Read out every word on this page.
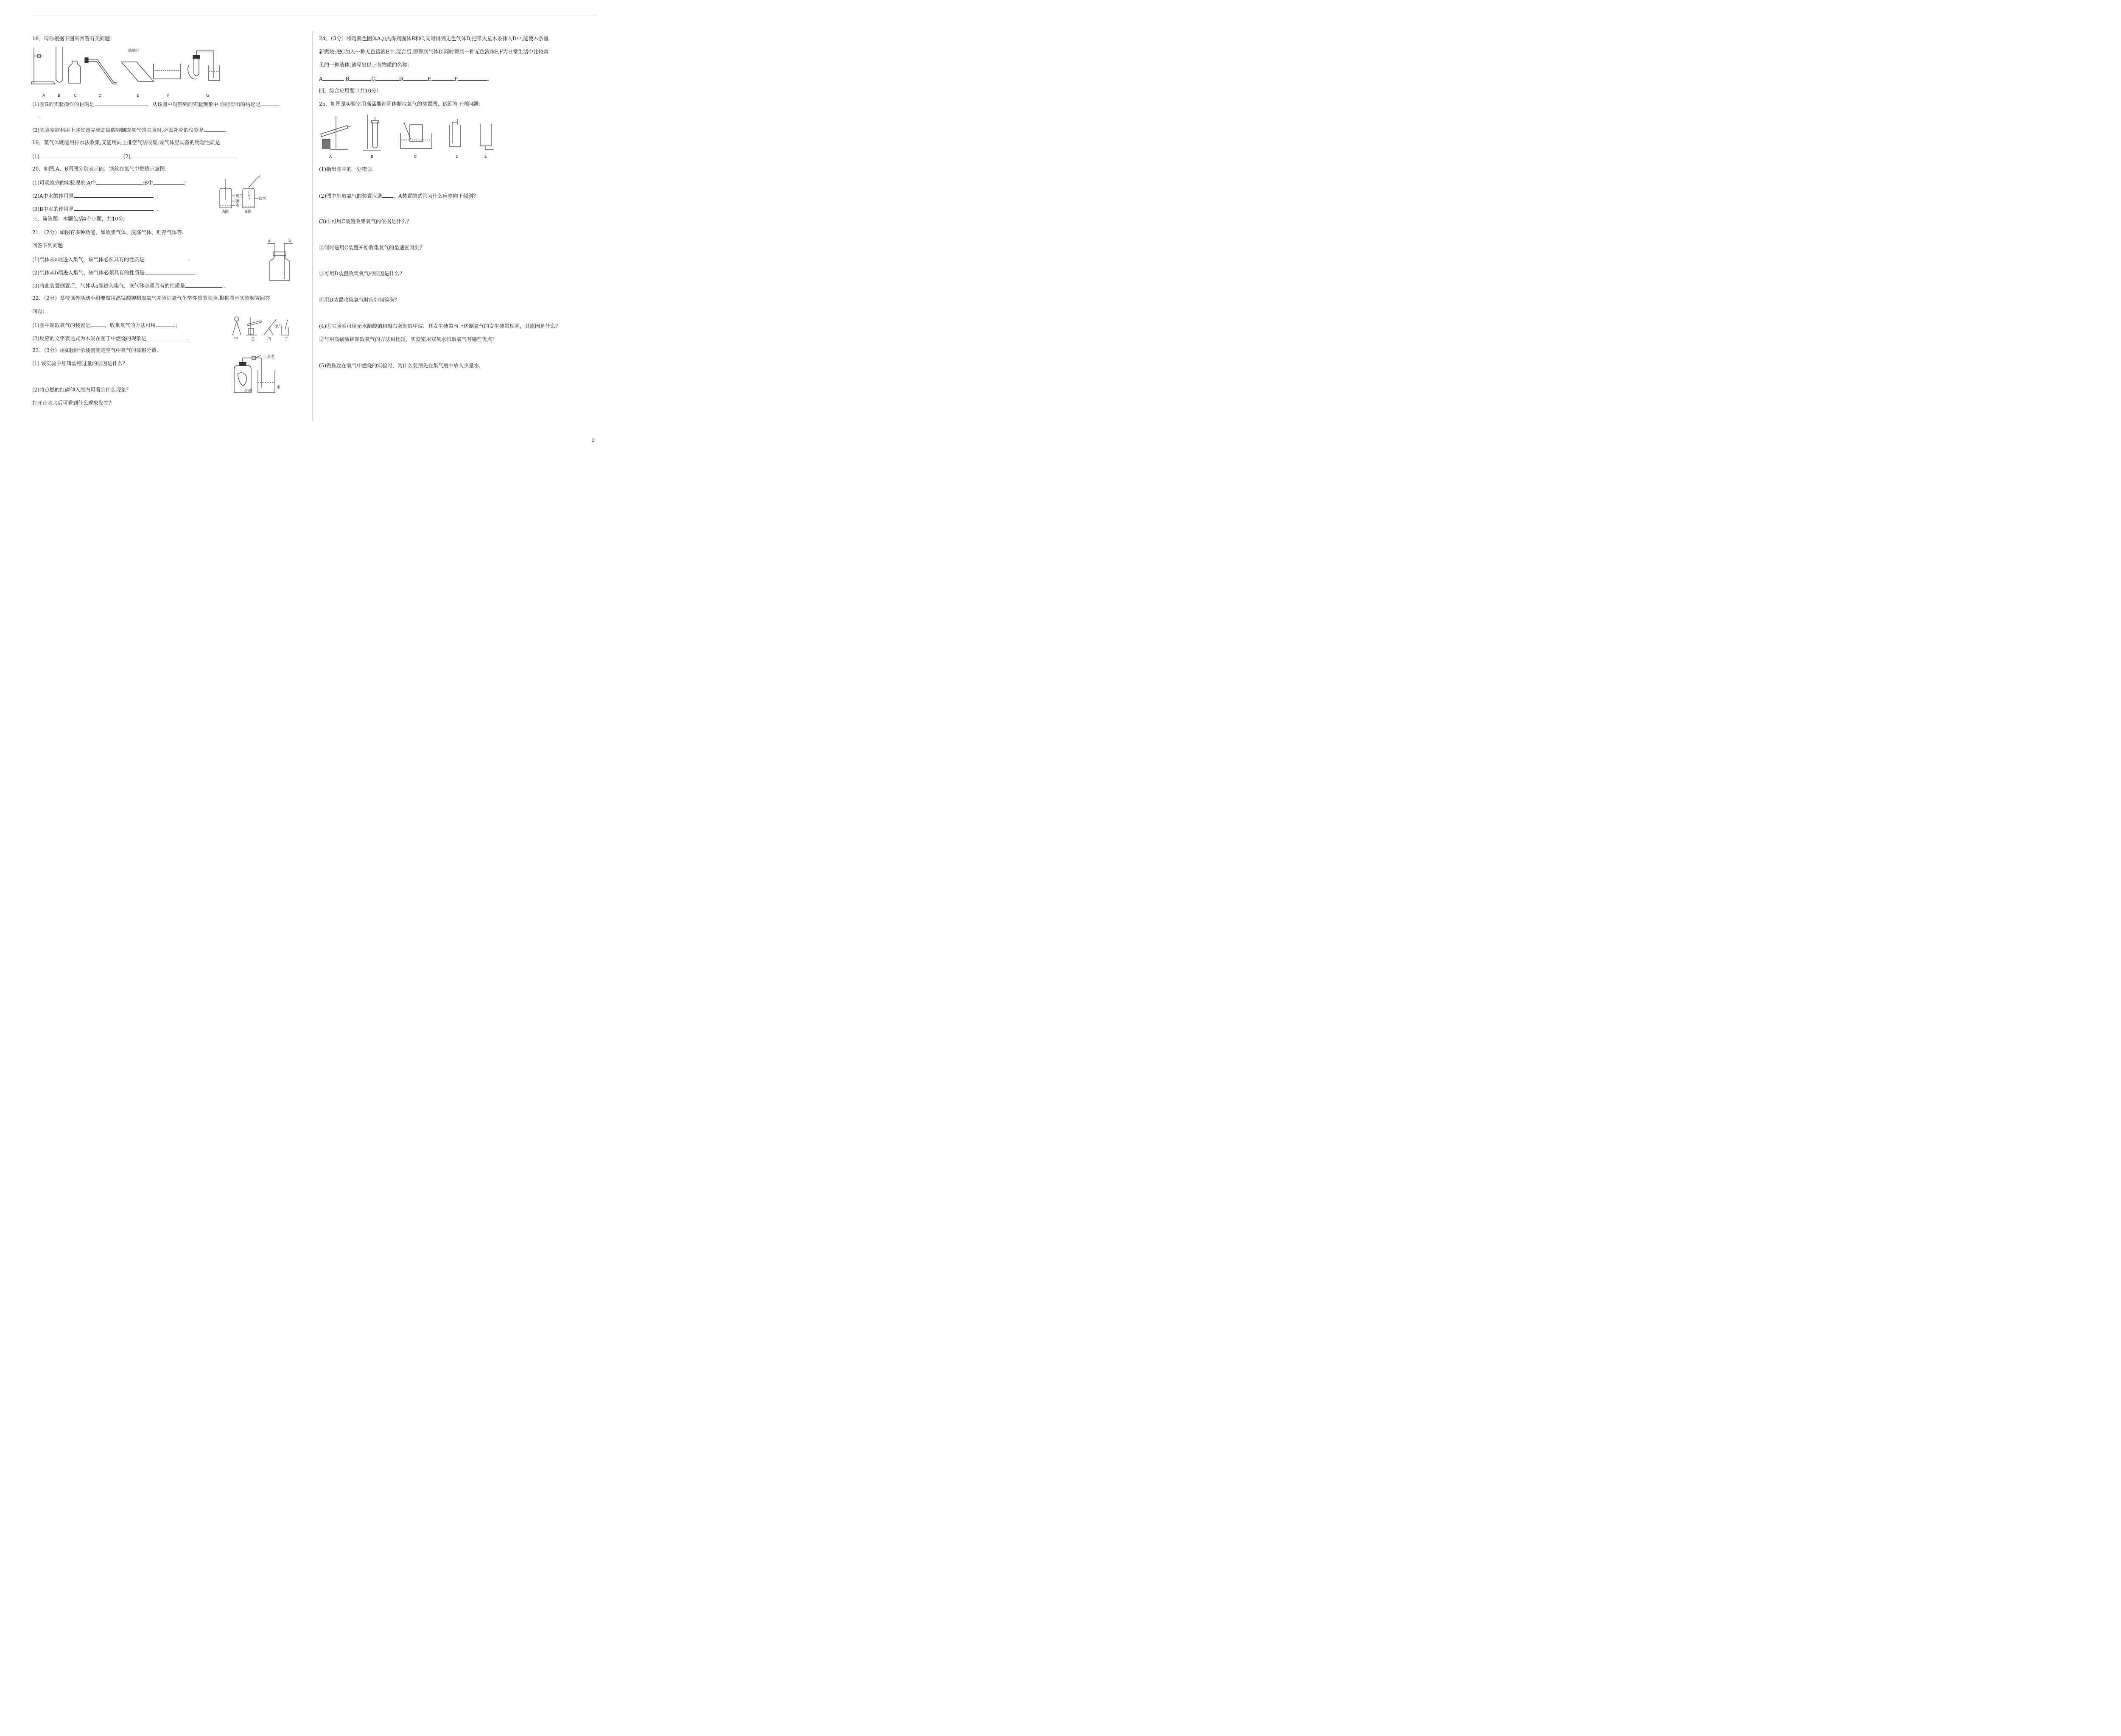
18．请你根据下图来回答有关问题：
玻璃片
A	B	C	D	E	F	G
(1)图G的实验操作的目的是	，从该图中观察到的实验现象中,你能得出的结论是
.
(2)实验室欲利用上述仪器完成高锰酸钾制取氧气的实验时,必需补充的仪器是	.
19．某气体既能用排水法收集,又能用向上排空气法收集,该气体应具备的物理性质是
(1)	(2)
20．如图,A、B两图分别表示硫、铁丝在氧气中燃烧示意图：
(1)可观察到的实验现象:A中	;B中	；
(2)A中水的作用是	；
(3)B中水的作用是	.
氧气
硫
水
铁丝
A图	B图
三、简答题：本题包括4个小题，共10分。
21．（2分）如图有多种功能，如收集气体、洗涤气体、贮存气体等.
回答下列问题：
(1)气体从a端进入集气，该气体必须具有的性质是	.
(2)气体从b端进入集气，该气体必须具有的性质是	.
(3)将此装置倒置后，气体从a端进入集气，该气体必须具有的性质是	.
a	b
22．（2分）某校课外活动小组要做用高锰酸钾制取氧气并验证氧气化学性质的实验.根据图示实验装置回答
问题：
(1)图中制取氧气的装置是	，收集氧气的方法可用	；
(2)反应的文字表达式为木炭在图丁中燃烧的现象是	.
氧气
甲	乙	丙	丁
23．（3分）用如图所示装置测定空气中氧气的体积分数.
(1) 该实验中红磷需稍过量的原因是什么？
(2)将点燃的红磷伸入瓶内可看到什么现象？
打开止水夹后可看到什么现象发生？
止水夹
红磷
水
24．（3分）将暗紫色固体A加热得到固体B和C,同时得到无色气体D,把带火星木条伸入D中,能使木条重
新燃烧;把C加入一种无色溶液E中,混合后,即得到气体D,同时得到一种无色液体F,F为日常生活中比较常
见的一种液体.请写出以上各物质的名称：
A	B	C	D	E	F	.
四，综合应用题（共10分）
25．如图是实验室用高锰酸钾固体制取氧气的装置图，试回答下列问题：
A	B	C	D	E
(1)指出图中的一处错误.
(2)图中制取氧气的装置应选 ，A装置的试管为什么应略向下倾斜？
(3)①可用C装置收集氧气的依据是什么？
②何时是用C装置开始收集氧气的最适宜时刻？
③可用D装置收集氧气的原因是什么？
④用D装置收集氧气时应如何验满？
(4)①实验室可用无水醋酸钠和碱石灰制取甲烷，其发生装置与上述制氧气的发生装置相同，其原因是什么？
②与用高锰酸钾制取氧气的方法相比较，实验室用双氧水制取氧气有哪些优点？
(5)做铁丝在氧气中燃烧的实验时，为什么要预先在集气瓶中放入少量水.
2
